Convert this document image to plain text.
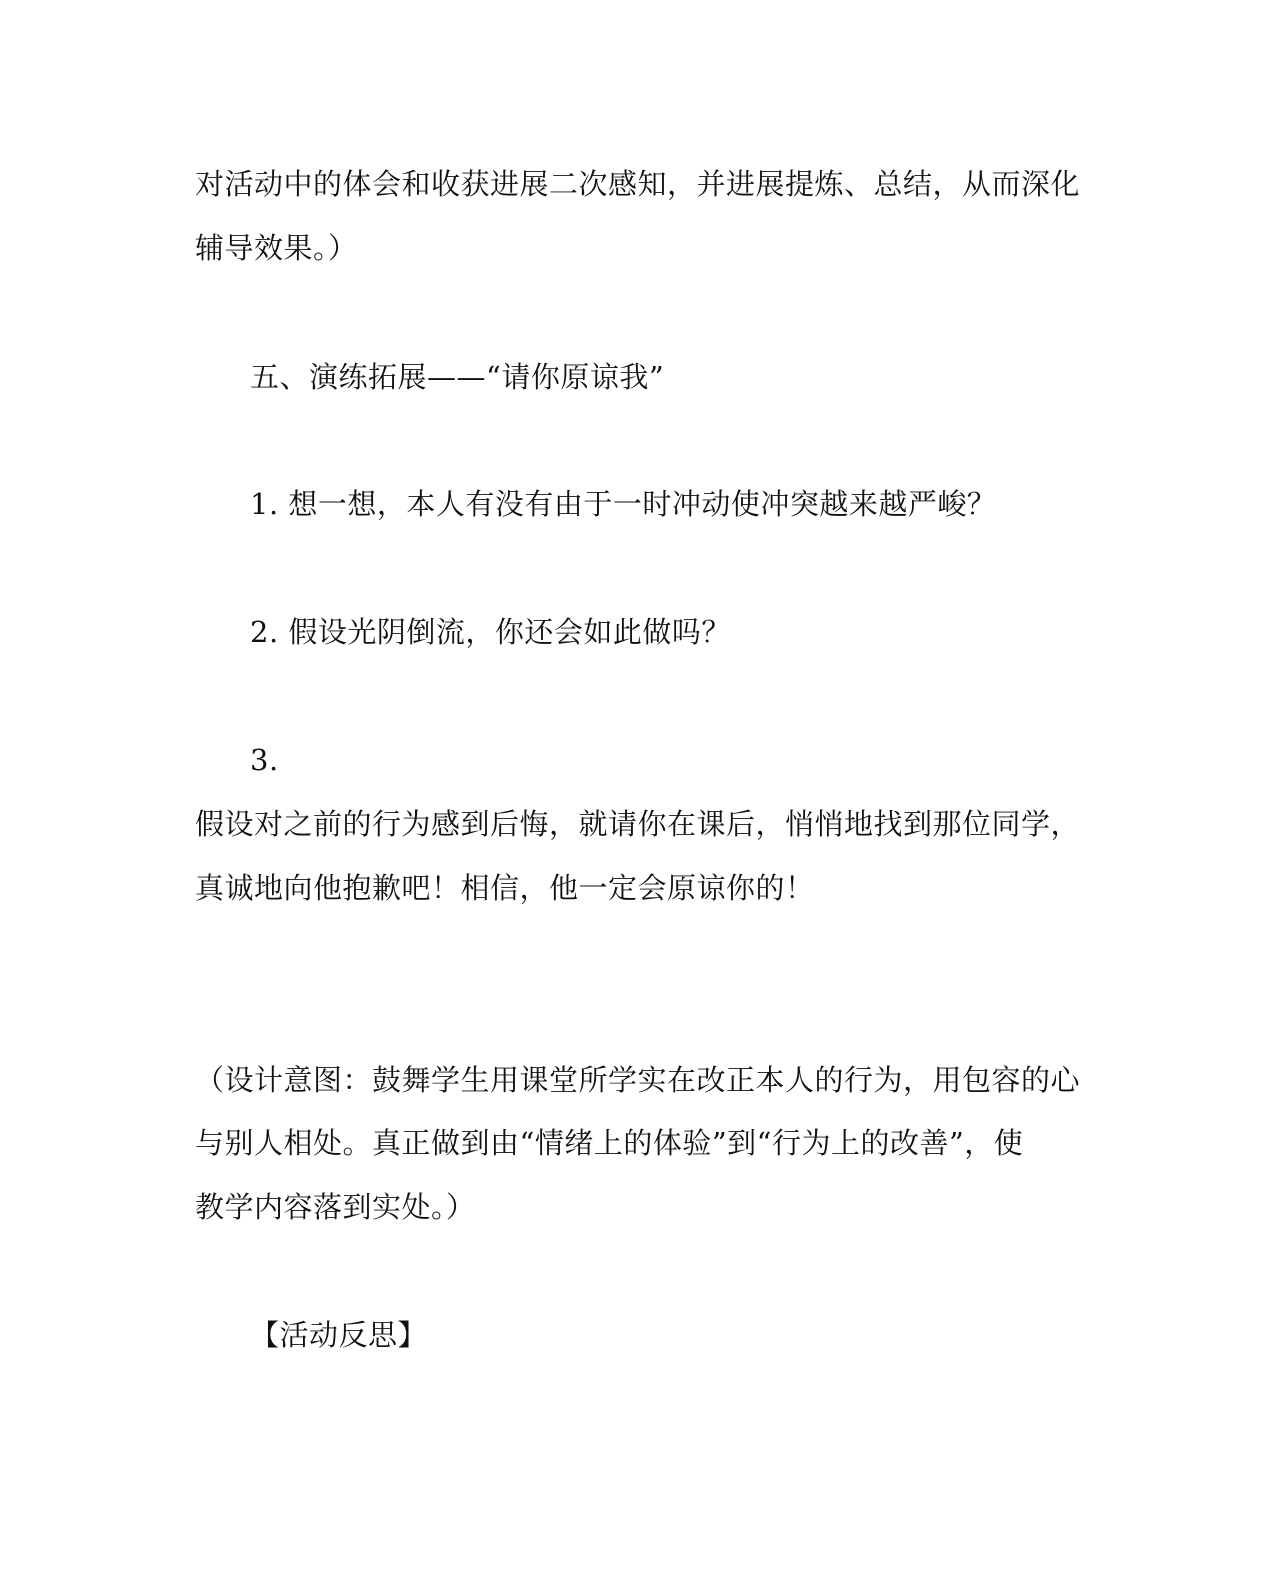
对活动中的体会和收获进展二次感知，并进展提炼、总结，从而深化
辅导效果。）
五、演练拓展——“请你原谅我”
1. 想一想，本人有没有由于一时冲动使冲突越来越严峻？
2. 假设光阴倒流，你还会如此做吗？
3.
假设对之前的行为感到后悔，就请你在课后，悄悄地找到那位同学，
真诚地向他抱歉吧！相信，他一定会原谅你的！
（设计意图：鼓舞学生用课堂所学实在改正本人的行为，用包容的心
与别人相处。真正做到由“情绪上的体验”到“行为上的改善”，使
教学内容落到实处。）
【活动反思】
